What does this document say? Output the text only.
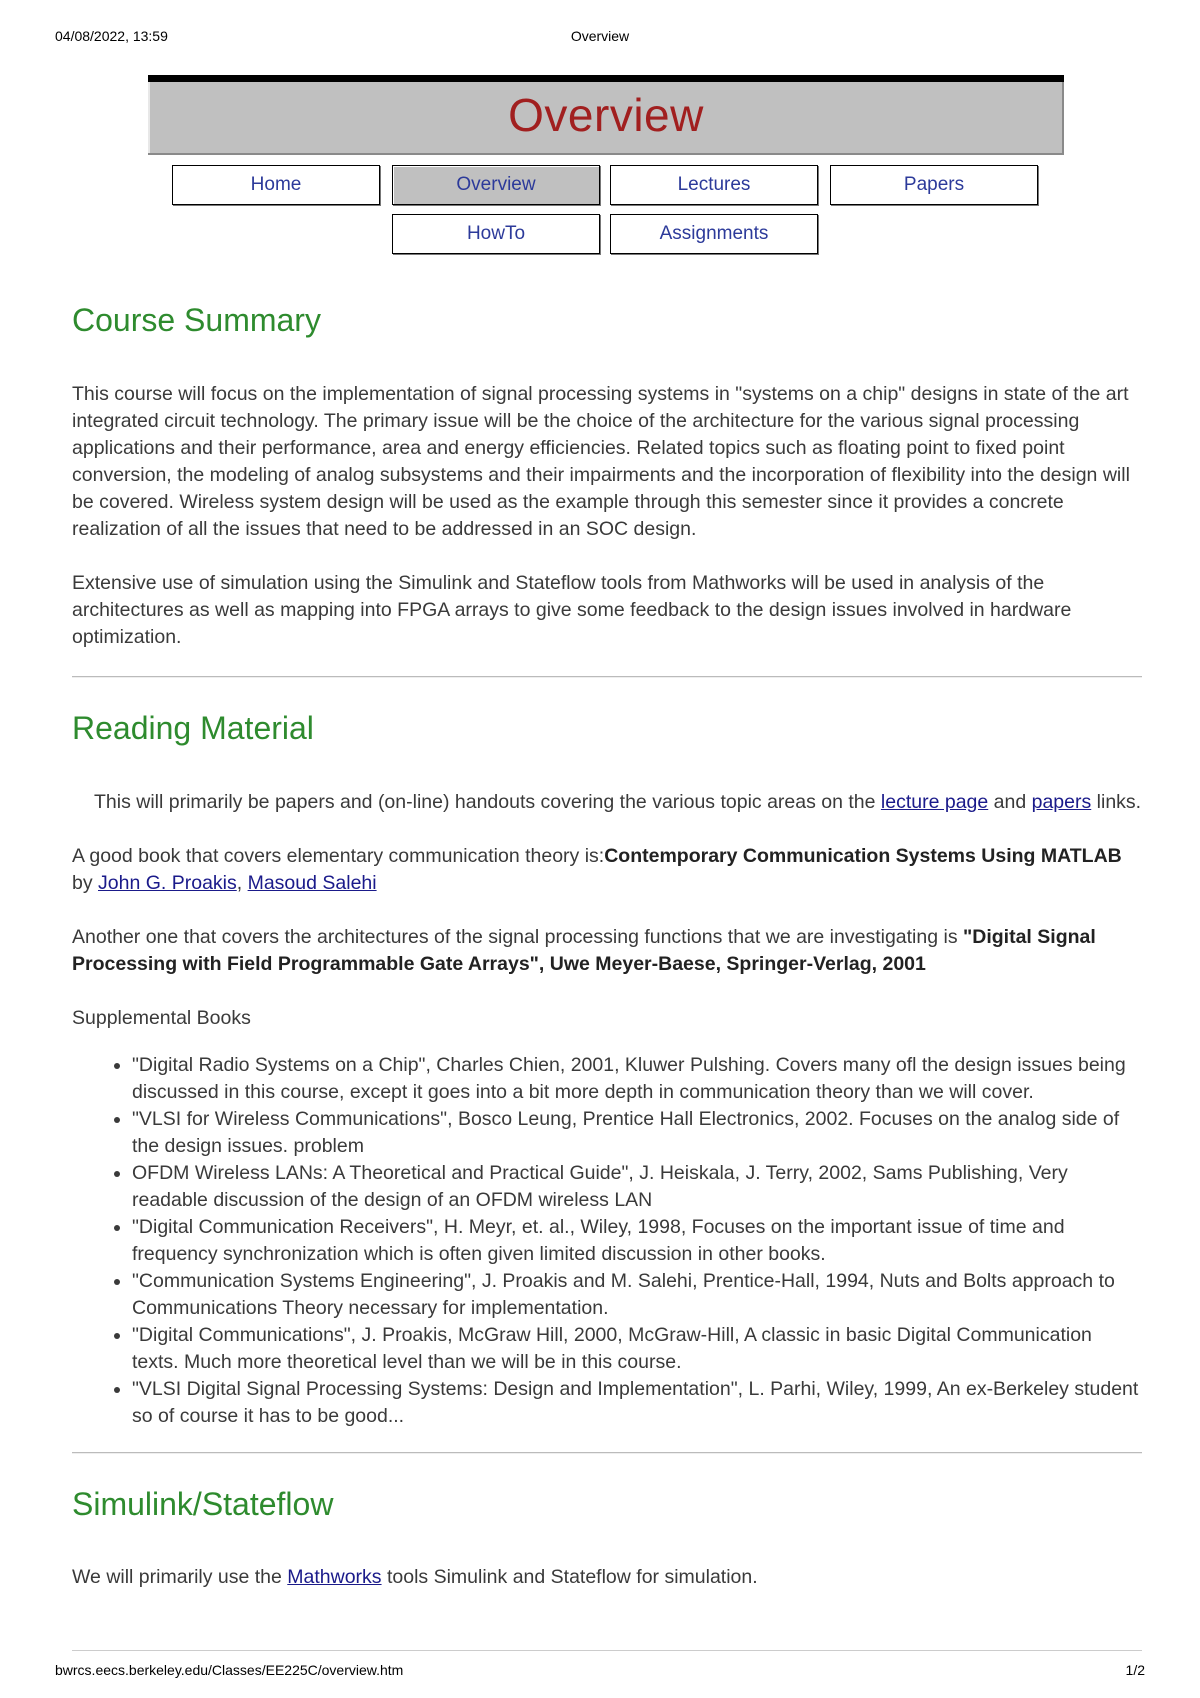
04/08/2022, 13:59	Overview
Overview
Home	Overview	Lectures	Papers
HowTo	Assignments
Course Summary

This course will focus on the implementation of signal processing systems in "systems on a chip" designs in state of the art integrated circuit technology. The primary issue will be the choice of the architecture for the various signal processing applications and their performance, area and energy efficiencies. Related topics such as floating point to fixed point conversion, the modeling of analog subsystems and their impairments and the incorporation of flexibility into the design will be covered. Wireless system design will be used as the example through this semester since it provides a concrete realization of all the issues that need to be addressed in an SOC design.

Extensive use of simulation using the Simulink and Stateflow tools from Mathworks will be used in analysis of the architectures as well as mapping into FPGA arrays to give some feedback to the design issues involved in hardware optimization.

Reading Material

This will primarily be papers and (on-line) handouts covering the various topic areas on the lecture page and papers links.

A good book that covers elementary communication theory is:Contemporary Communication Systems Using MATLAB
by John G. Proakis, Masoud Salehi

Another one that covers the architectures of the signal processing functions that we are investigating is "Digital Signal Processing with Field Programmable Gate Arrays", Uwe Meyer-Baese, Springer-Verlag, 2001

Supplemental Books

• "Digital Radio Systems on a Chip", Charles Chien, 2001, Kluwer Pulshing. Covers many ofl the design issues being discussed in this course, except it goes into a bit more depth in communication theory than we will cover.
• "VLSI for Wireless Communications", Bosco Leung, Prentice Hall Electronics, 2002. Focuses on the analog side of the design issues. problem
• OFDM Wireless LANs: A Theoretical and Practical Guide", J. Heiskala, J. Terry, 2002, Sams Publishing, Very readable discussion of the design of an OFDM wireless LAN
• "Digital Communication Receivers", H. Meyr, et. al., Wiley, 1998, Focuses on the important issue of time and frequency synchronization which is often given limited discussion in other books.
• "Communication Systems Engineering", J. Proakis and M. Salehi, Prentice-Hall, 1994, Nuts and Bolts approach to Communications Theory necessary for implementation.
• "Digital Communications", J. Proakis, McGraw Hill, 2000, McGraw-Hill, A classic in basic Digital Communication texts. Much more theoretical level than we will be in this course.
• "VLSI Digital Signal Processing Systems: Design and Implementation", L. Parhi, Wiley, 1999, An ex-Berkeley student so of course it has to be good...
Simulink/Stateflow

We will primarily use the Mathworks tools Simulink and Stateflow for simulation.

bwrcs.eecs.berkeley.edu/Classes/EE225C/overview.htm	1/2
